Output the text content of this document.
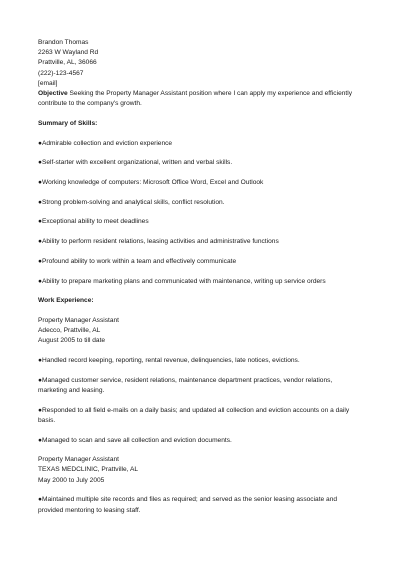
Brandon Thomas
2263 W Wayland Rd
Prattville, AL, 36066
(222)-123-4567
[email]
Objective Seeking the Property Manager Assistant position where I can apply my experience and efficiently contribute to the company's growth.
Summary of Skills:
●Admirable collection and eviction experience
●Self-starter with excellent organizational, written and verbal skills.
●Working knowledge of computers: Microsoft Office Word, Excel and Outlook
●Strong problem-solving and analytical skills, conflict resolution.
●Exceptional ability to meet deadlines
●Ability to perform resident relations, leasing activities and administrative functions
●Profound ability to work within a team and effectively communicate
●Ability to prepare marketing plans and communicated with maintenance, writing up service orders
Work Experience:
Property Manager Assistant
Adecco, Prattville, AL
August 2005 to till date
●Handled record keeping, reporting, rental revenue, delinquencies, late notices, evictions.
●Managed customer service, resident relations, maintenance department practices, vendor relations, marketing and leasing.
●Responded to all field e-mails on a daily basis; and updated all collection and eviction accounts on a daily basis.
●Managed to scan and save all collection and eviction documents.
Property Manager Assistant
TEXAS MEDCLINIC, Prattville, AL
May 2000 to July 2005
●Maintained multiple site records and files as required; and served as the senior leasing associate and provided mentoring to leasing staff.
